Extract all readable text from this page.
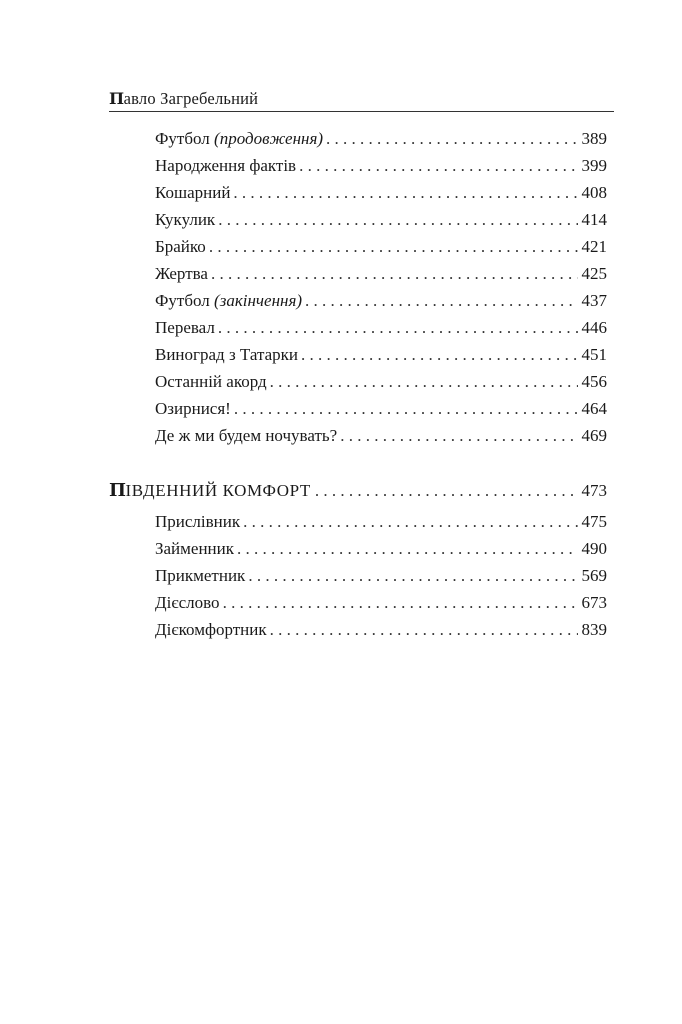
Павло Загребельний
Футбол (продовження) . . .	389
Народження фактів . . .	399
Кошарний . . .	408
Кукулик . . .	414
Брайко . . .	421
Жертва . . .	425
Футбол (закінчення) . . .	437
Перевал . . .	446
Виноград з Татарки . . .	451
Останній акорд . . .	456
Озирнися! . . .	464
Де ж ми будем ночувать? . . .	469
ПІВДЕННИЙ КОМФОРТ . . .	473
Прислівник . . .	475
Займенник . . .	490
Прикметник . . .	569
Дієслово . . .	673
Дієкомфортник . . .	839
